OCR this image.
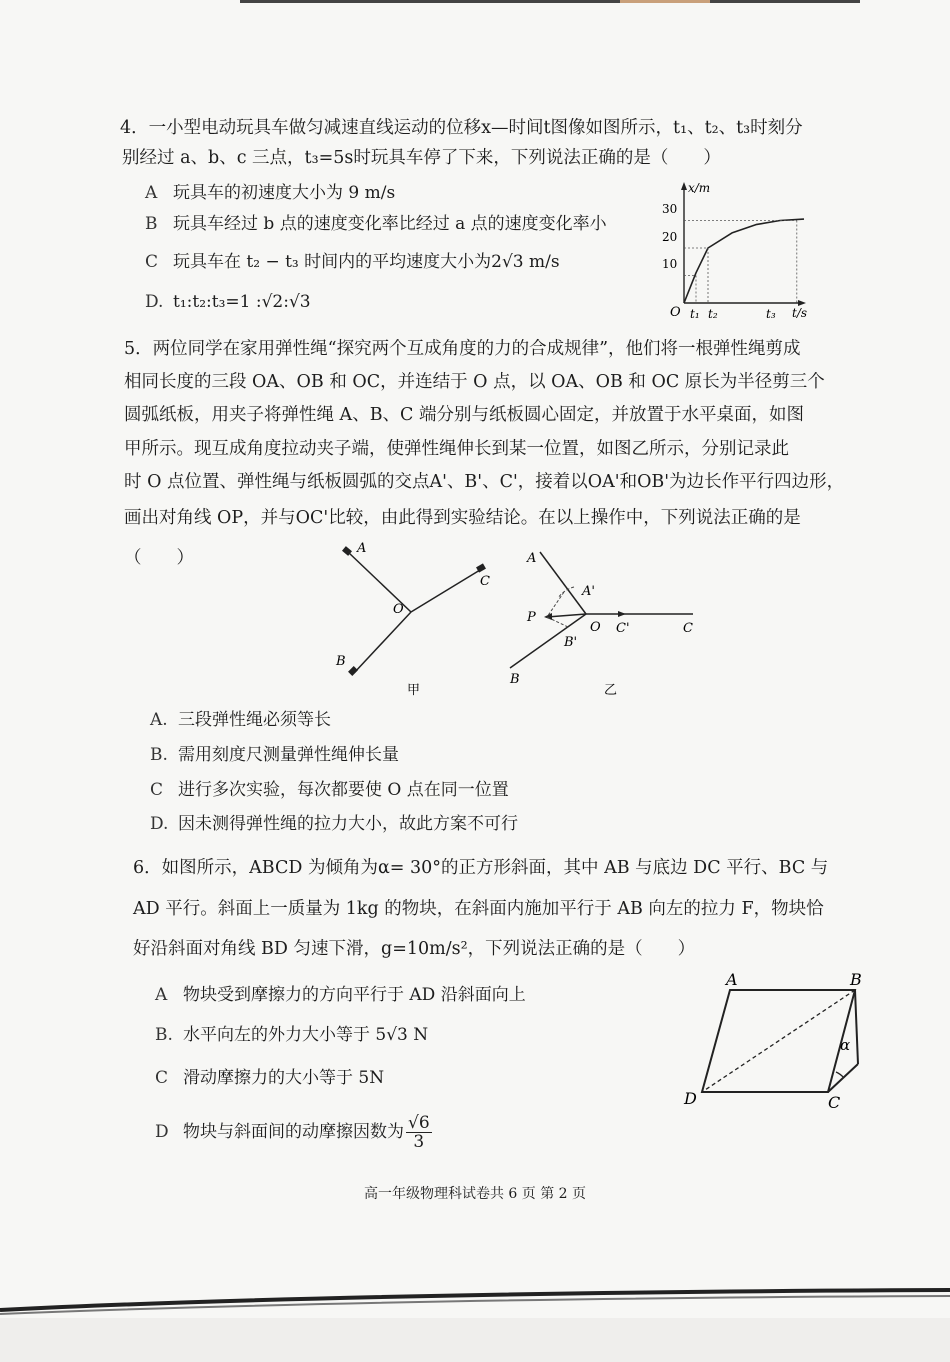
4．一小型电动玩具车做匀减速直线运动的位移x—时间t图像如图所示，t₁、t₂、t₃时刻分
别经过 a、b、c 三点，t₃=5s时玩具车停了下来，下列说法正确的是（　　）
A 玩具车的初速度大小为 9 m/s
B 玩具车经过 b 点的速度变化率比经过 a 点的速度变化率小
C 玩具车在 t₂ − t₃ 时间内的平均速度大小为2√3 m/s
D. t₁:t₂:t₃=1 :√2:√3
x/m
t/s
O
10
20
30
t₁ t₂	t₃
5．两位同学在家用弹性绳“探究两个互成角度的力的合成规律”，他们将一根弹性绳剪成
相同长度的三段 OA、OB 和 OC，并连结于 O 点，以 OA、OB 和 OC 原长为半径剪三个
圆弧纸板，用夹子将弹性绳 A、B、C 端分别与纸板圆心固定，并放置于水平桌面，如图
甲所示。现互成角度拉动夹子端，使弹性绳伸长到某一位置，如图乙所示，分别记录此
时 O 点位置、弹性绳与纸板圆弧的交点A'、B'、C'，接着以OA'和OB'为边长作平行四边形，
画出对角线 OP，并与OC'比较，由此得到实验结论。在以上操作中，下列说法正确的是
（　　）	A
C
O
B
甲
A
A'
P
O C'	C
B'
B
乙
A. 三段弹性绳必须等长
B. 需用刻度尺测量弹性绳伸长量
C 进行多次实验，每次都要使 O 点在同一位置
D. 因未测得弹性绳的拉力大小，故此方案不可行
6．如图所示，ABCD 为倾角为α= 30°的正方形斜面，其中 AB 与底边 DC 平行、BC 与
AD 平行。斜面上一质量为 1kg 的物块，在斜面内施加平行于 AB 向左的拉力 F，物块恰
好沿斜面对角线 BD 匀速下滑，g=10m/s²，下列说法正确的是（　　）
A 物块受到摩擦力的方向平行于 AD 沿斜面向上
B. 水平向左的外力大小等于 5√3 N
C 滑动摩擦力的大小等于 5N
D 物块与斜面间的动摩擦因数为 $\frac{√6}{3}$
A	B
C
D
α
高一年级物理科试卷共 6 页 第 2 页
